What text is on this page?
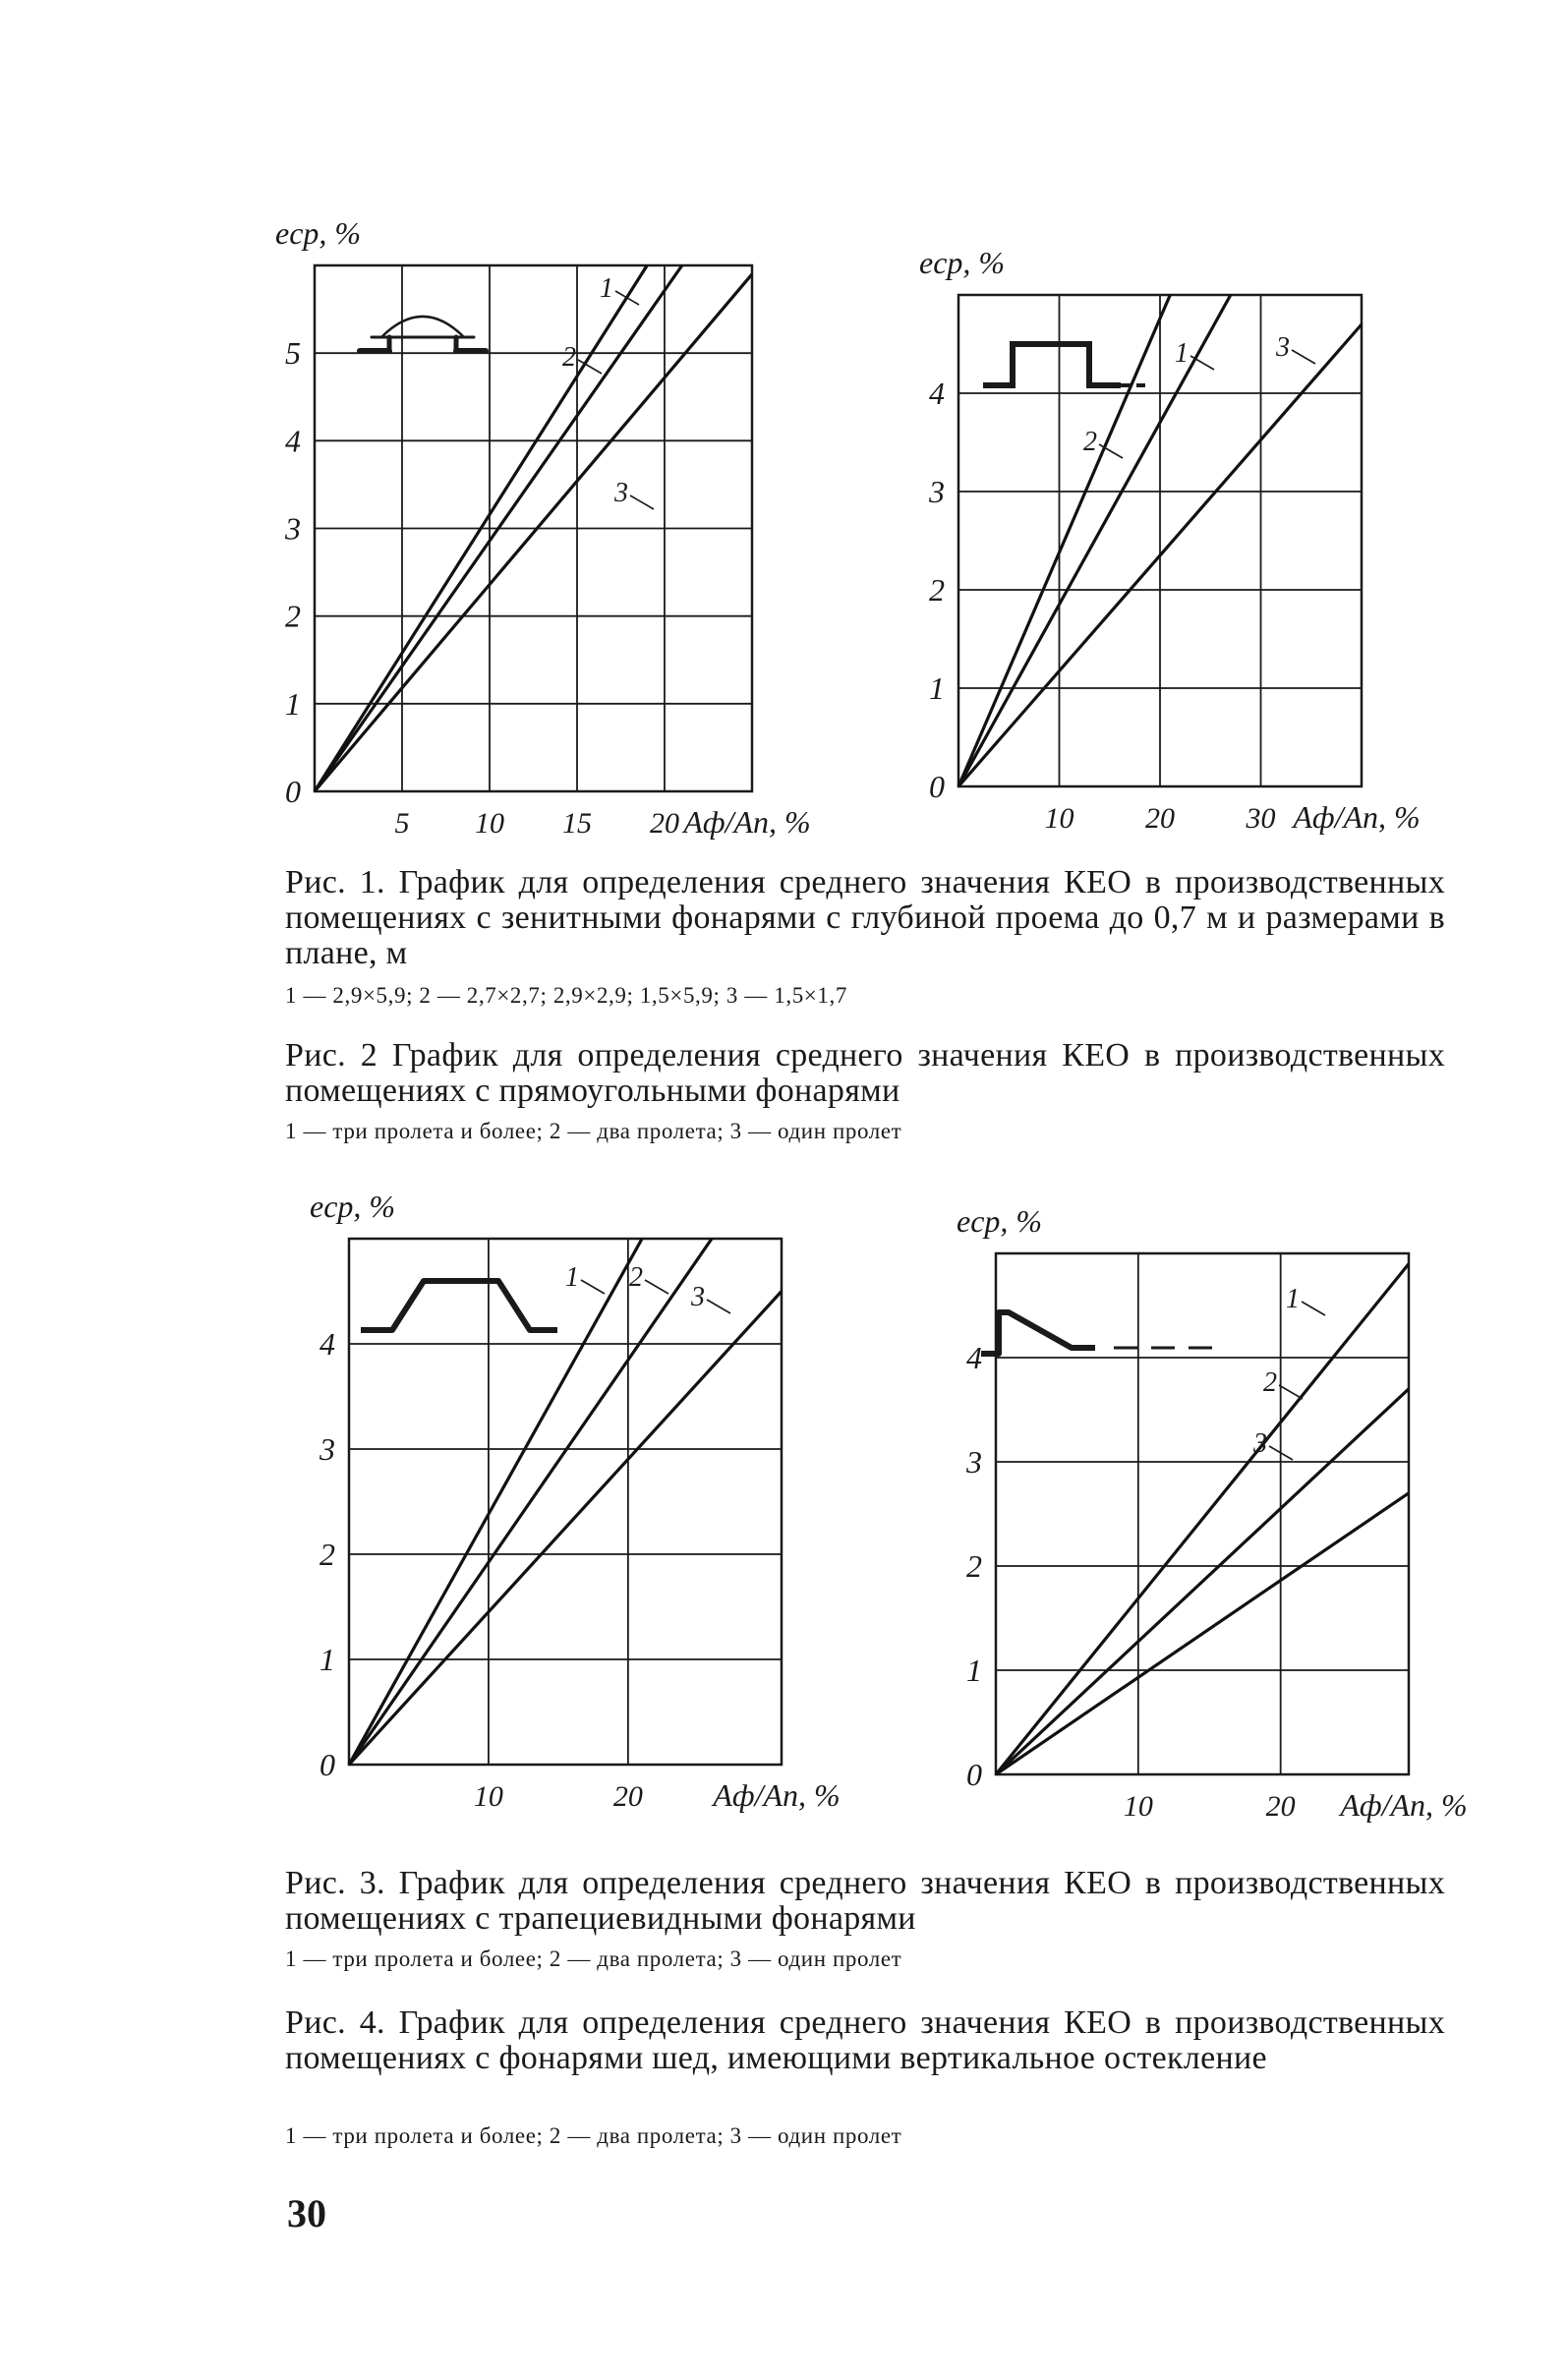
5 10 15 20
0
1
2
3
4
5
1
2
3
eср, %
Aф/Aп, %	10 20 30
0
1
2
3
4
1
2
3
eср, %
Aф/Aп, %
10	20
0
1
2
3
4
1 2
3
eср, %
Aф/Aп, %	10	20
0
1
2
3
4
1
2
3
eср, %
Aф/Aп, %

Рис. 1. График для определения среднего значения КЕО в производственных помещениях с зенитными фонарями с глубиной проема до 0,7 м и размерами в плане, м

1 — 2,9×5,9; 2 — 2,7×2,7; 2,9×2,9; 1,5×5,9; 3 — 1,5×1,7

Рис. 2 График для определения среднего значения КЕО в производственных помещениях с прямоугольными фонарями

1 — три пролета и более; 2 — два пролета; 3 — один пролет

Рис. 3. График для определения среднего значения КЕО в производственных помещениях с трапециевидными фонарями

1 — три пролета и более; 2 — два пролета; 3 — один пролет

Рис. 4. График для определения среднего значения КЕО в производственных помещениях с фонарями шед, имеющими вертикальное остекление

1 — три пролета и более; 2 — два пролета; 3 — один пролет

30
